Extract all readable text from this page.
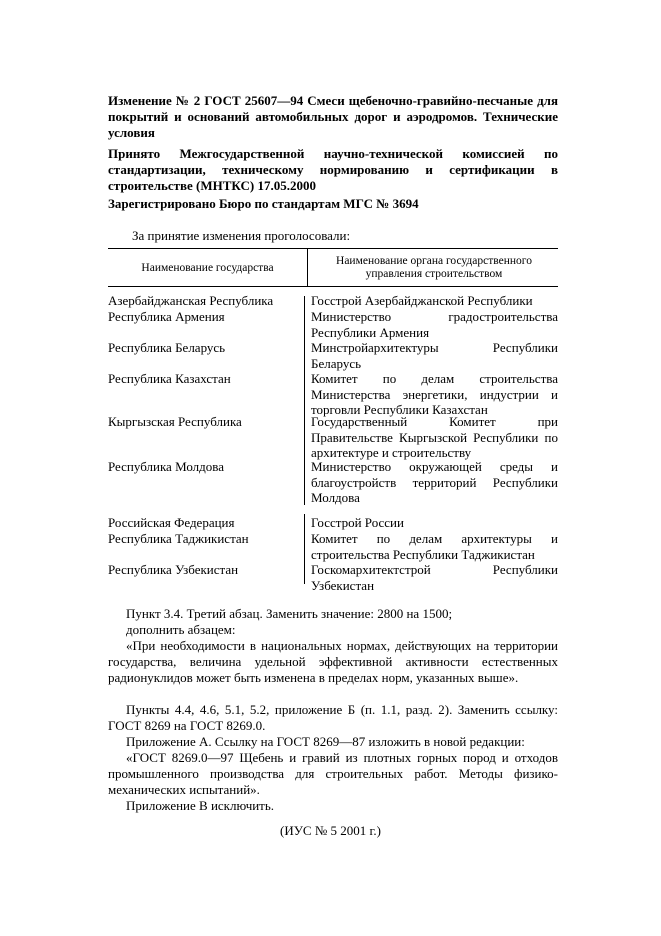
Изменение № 2 ГОСТ 25607—94 Смеси щебеночно-гравийно-песчаные для покрытий и оснований автомобильных дорог и аэродромов. Технические условия

Принято Межгосударственной научно-технической комиссией по стандартизации, техническому нормированию и сертификации в строительстве (МНТКС) 17.05.2000

Зарегистрировано Бюро по стандартам МГС № 3694

За принятие изменения проголосовали:

Наименование государства
Наименование органа государственного управления строительством

Азербайджанская Республика	Госстрой Азербайджанской Республики

Республика Армения	Министерство градостроительства Республики Армения

Республика Беларусь	Минстройархитектуры Республики Беларусь

Республика Казахстан	Комитет по делам строительства Министерства энергетики, индустрии и торговли Республики Казахстан

Кыргызская Республика	Государственный Комитет при Правительстве Кыргызской Республики по архитектуре и строительству

Республика Молдова	Министерство окружающей среды и благоустройств территорий Республики Молдова

Российская Федерация	Госстрой России

Республика Таджикистан	Комитет по делам архитектуры и строительства Республики Таджикистан

Республика Узбекистан	Госкомархитектстрой Республики Узбекистан

Пункт 3.4. Третий абзац. Заменить значение: 2800 на 1500;

дополнить абзацем:

«При необходимости в национальных нормах, действующих на территории государства, величина удельной эффективной активности естественных радионуклидов может быть изменена в пределах норм, указанных выше».

Пункты 4.4, 4.6, 5.1, 5.2, приложение Б (п. 1.1, разд. 2). Заменить ссылку: ГОСТ 8269 на ГОСТ 8269.0.

Приложение А. Ссылку на ГОСТ 8269—87 изложить в новой редакции:

«ГОСТ 8269.0—97 Щебень и гравий из плотных горных пород и отходов промышленного производства для строительных работ. Методы физико-механических испытаний».

Приложение В исключить.

(ИУС № 5 2001 г.)
